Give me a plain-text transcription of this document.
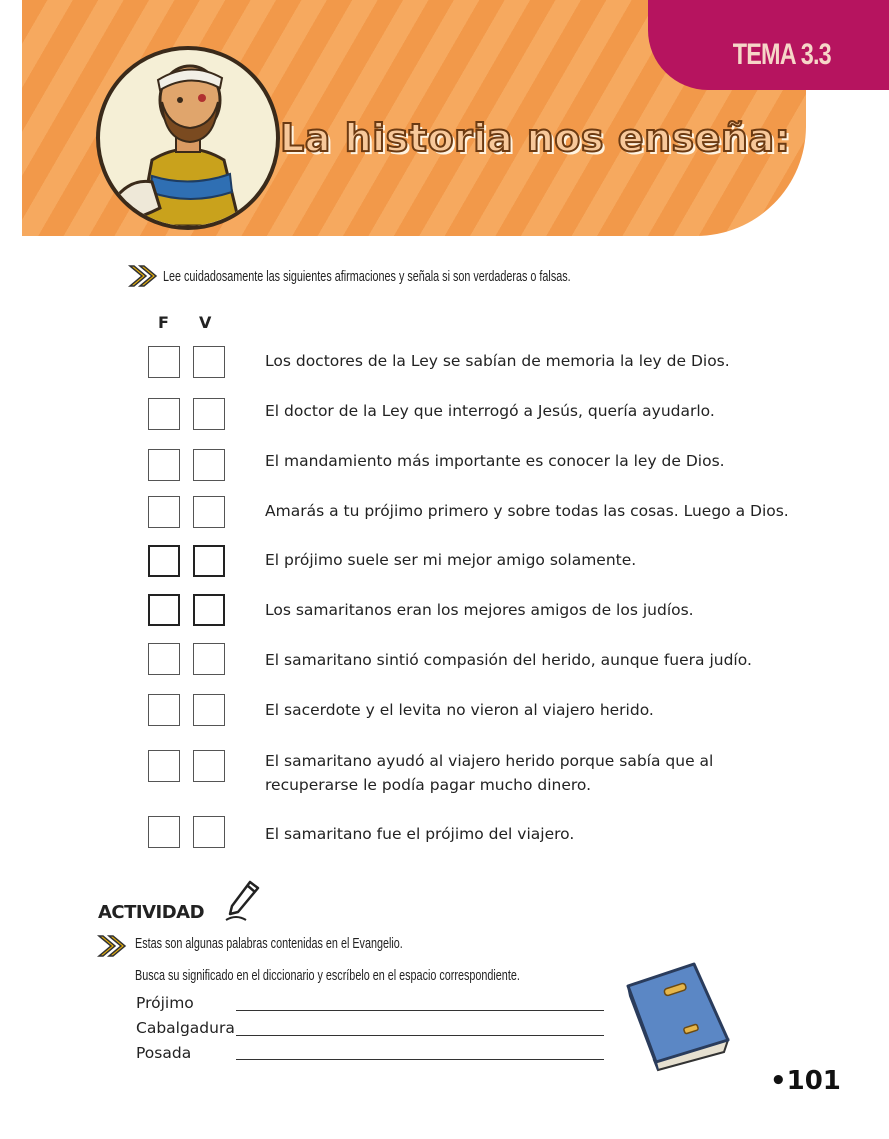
TEMA 3.3
La historia nos enseña:
Lee cuidadosamente las siguientes afirmaciones y señala si son verdaderas o falsas.
F V
Los doctores de la Ley se sabían de memoria la ley de Dios.
El doctor de la Ley que interrogó a Jesús, quería ayudarlo.
El mandamiento más importante es conocer la ley de Dios.
Amarás a tu prójimo primero y sobre todas las cosas. Luego a Dios.
El prójimo suele ser mi mejor amigo solamente.
Los samaritanos eran los mejores amigos de los judíos.
El samaritano sintió compasión del herido, aunque fuera judío.
El sacerdote y el levita no vieron al viajero herido.
El samaritano ayudó al viajero herido porque sabía que al recuperarse le podía pagar mucho dinero.
El samaritano fue el prójimo del viajero.
ACTIVIDAD
Estas son algunas palabras contenidas en el Evangelio.
Busca su significado en el diccionario y escríbelo en el espacio correspondiente.
Prójimo
Cabalgadura
Posada
•101
